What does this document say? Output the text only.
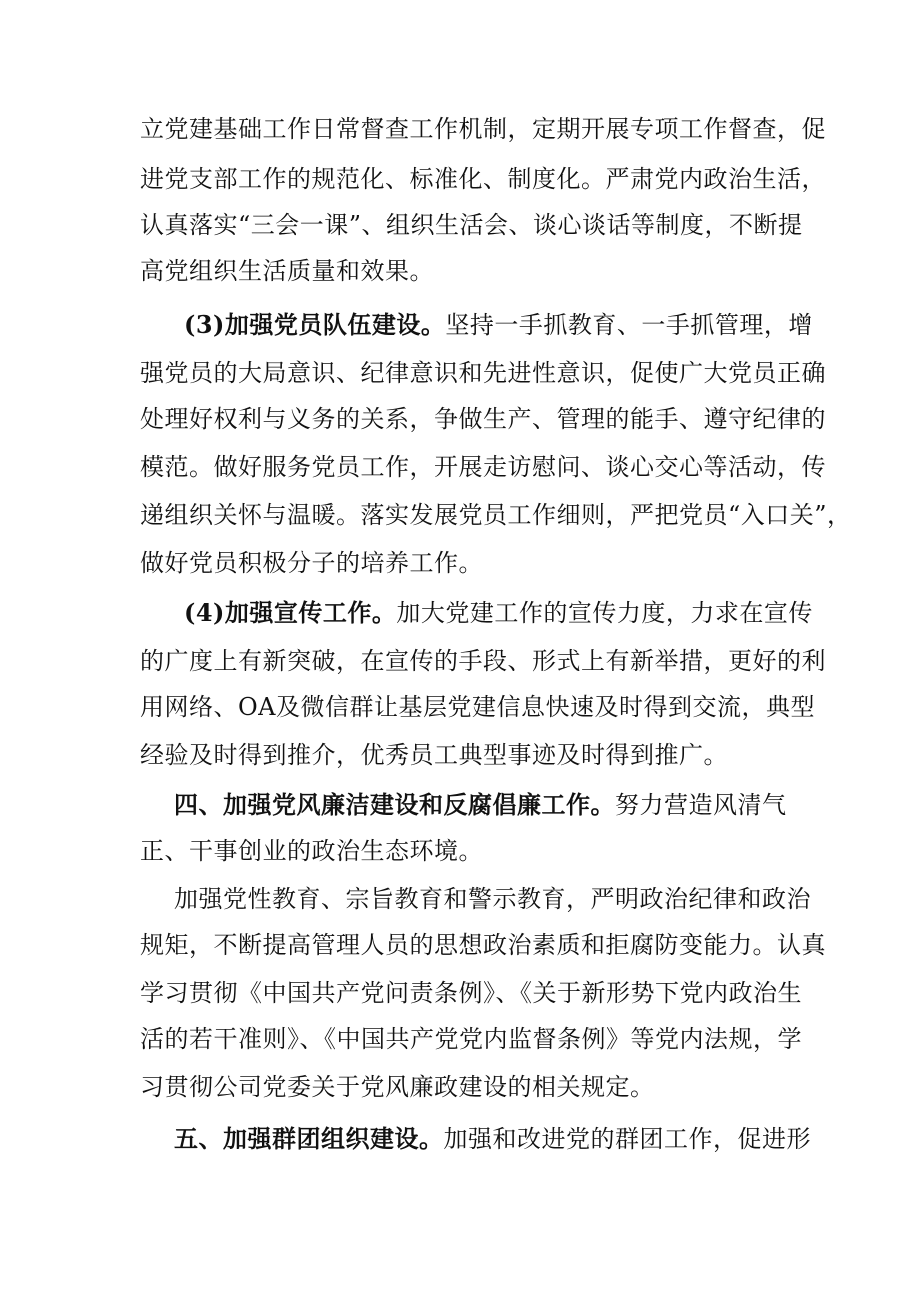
立党建基础工作日常督查工作机制，定期开展专项工作督查，促
进党支部工作的规范化、标准化、制度化。严肃党内政治生活，
认真落实“三会一课”、组织生活会、谈心谈话等制度，不断提
高党组织生活质量和效果。
(3)加强党员队伍建设。坚持一手抓教育、一手抓管理，增
强党员的大局意识、纪律意识和先进性意识，促使广大党员正确
处理好权利与义务的关系，争做生产、管理的能手、遵守纪律的
模范。做好服务党员工作，开展走访慰问、谈心交心等活动，传
递组织关怀与温暖。落实发展党员工作细则，严把党员“入口关”，
做好党员积极分子的培养工作。
(4)加强宣传工作。加大党建工作的宣传力度，力求在宣传
的广度上有新突破，在宣传的手段、形式上有新举措，更好的利
用网络、OA及微信群让基层党建信息快速及时得到交流，典型
经验及时得到推介，优秀员工典型事迹及时得到推广。
四、加强党风廉洁建设和反腐倡廉工作。努力营造风清气
正、干事创业的政治生态环境。
加强党性教育、宗旨教育和警示教育，严明政治纪律和政治
规矩，不断提高管理人员的思想政治素质和拒腐防变能力。认真
学习贯彻《中国共产党问责条例》、《关于新形势下党内政治生
活的若干准则》、《中国共产党党内监督条例》等党内法规，学
习贯彻公司党委关于党风廉政建设的相关规定。
五、加强群团组织建设。加强和改进党的群团工作，促进形
